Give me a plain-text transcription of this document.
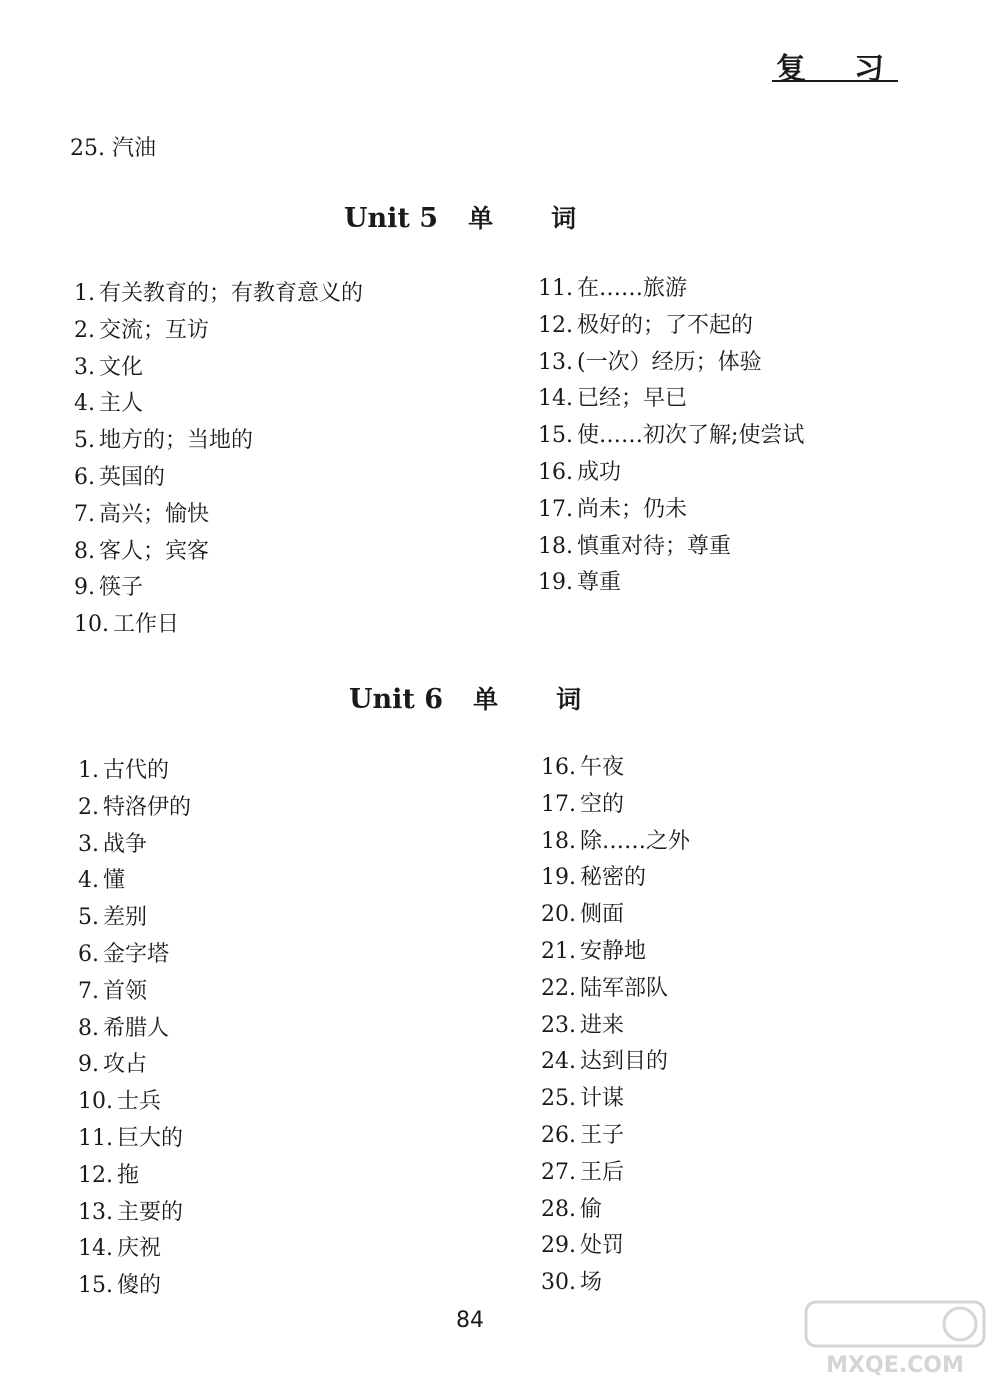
复习
25. 汽油
Unit 5 单 词
1. 有关教育的；有教育意义的
2. 交流；互访
3. 文化
4. 主人
5. 地方的；当地的
6. 英国的
7. 高兴；愉快
8. 客人；宾客
9. 筷子
10. 工作日
11. 在……旅游
12. 极好的；了不起的
13. (一次）经历；体验
14. 已经；早已
15. 使……初次了解;使尝试
16. 成功
17. 尚未；仍未
18. 慎重对待；尊重
19. 尊重
Unit 6 单 词
1. 古代的
2. 特洛伊的
3. 战争
4. 懂
5. 差别
6. 金字塔
7. 首领
8. 希腊人
9. 攻占
10. 士兵
11. 巨大的
12. 拖
13. 主要的
14. 庆祝
15. 傻的
16. 午夜
17. 空的
18. 除……之外
19. 秘密的
20. 侧面
21. 安静地
22. 陆军部队
23. 进来
24. 达到目的
25. 计谋
26. 王子
27. 王后
28. 偷
29. 处罚
30. 场
84
MXQE.COM
